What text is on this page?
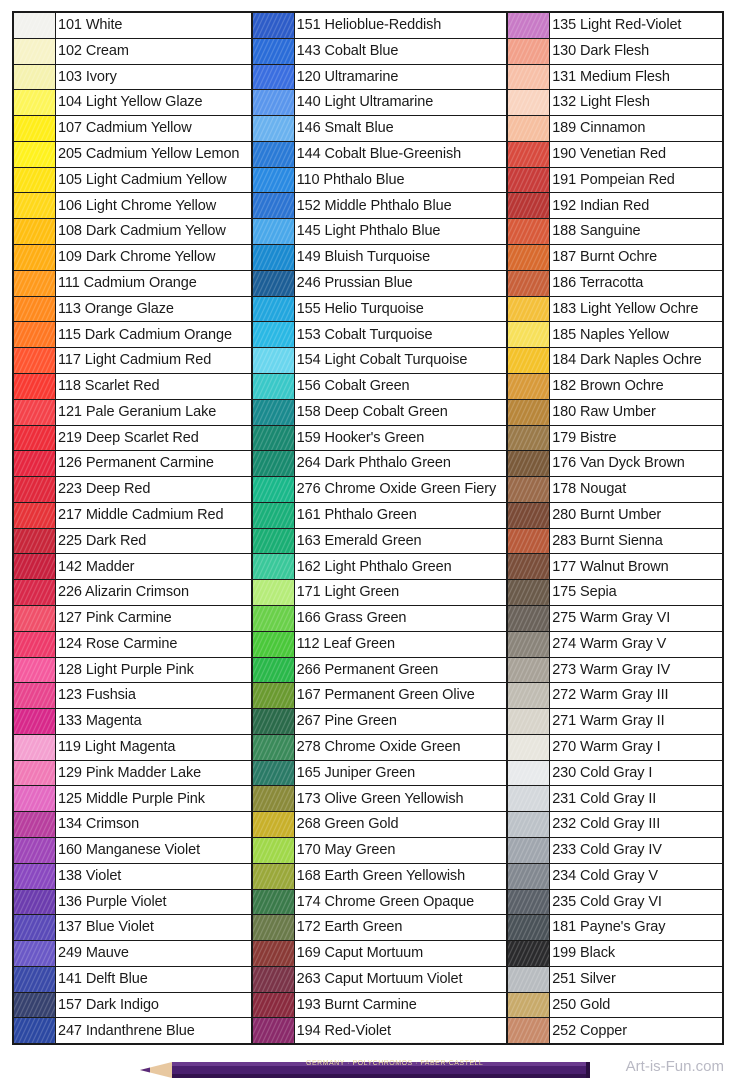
101 White
102 Cream
103 Ivory
104 Light Yellow Glaze
107 Cadmium Yellow
205 Cadmium Yellow Lemon
105 Light Cadmium Yellow
106 Light Chrome Yellow
108 Dark Cadmium Yellow
109 Dark Chrome Yellow
111 Cadmium Orange
113 Orange Glaze
115 Dark Cadmium Orange
117 Light Cadmium Red
118 Scarlet Red
121 Pale Geranium Lake
219 Deep Scarlet Red
126 Permanent Carmine
223 Deep Red
217 Middle Cadmium Red
225 Dark Red
142 Madder
226 Alizarin Crimson
127 Pink Carmine
124 Rose Carmine
128 Light Purple Pink
123 Fushsia
133 Magenta
119 Light Magenta
129 Pink Madder Lake
125 Middle Purple Pink
134 Crimson
160 Manganese Violet
138 Violet
136 Purple Violet
137 Blue Violet
249 Mauve
141 Delft Blue
157 Dark Indigo
247 Indanthrene Blue
151 Helioblue-Reddish
143 Cobalt Blue
120 Ultramarine
140 Light Ultramarine
146 Smalt Blue
144 Cobalt Blue-Greenish
110 Phthalo Blue
152 Middle Phthalo Blue
145 Light Phthalo Blue
149 Bluish Turquoise
246 Prussian Blue
155 Helio Turquoise
153 Cobalt Turquoise
154 Light Cobalt Turquoise
156 Cobalt Green
158 Deep Cobalt Green
159 Hooker's Green
264 Dark Phthalo Green
276 Chrome Oxide Green Fiery
161 Phthalo Green
163 Emerald Green
162 Light Phthalo Green
171 Light Green
166 Grass Green
112 Leaf Green
266 Permanent Green
167 Permanent Green Olive
267 Pine Green
278 Chrome Oxide Green
165 Juniper Green
173 Olive Green Yellowish
268 Green Gold
170 May Green
168 Earth Green Yellowish
174 Chrome Green Opaque
172 Earth Green
169 Caput Mortuum
263 Caput Mortuum Violet
193 Burnt Carmine
194 Red-Violet
135 Light Red-Violet
130 Dark Flesh
131 Medium Flesh
132 Light Flesh
189 Cinnamon
190 Venetian Red
191 Pompeian Red
192 Indian Red
188 Sanguine
187 Burnt Ochre
186 Terracotta
183 Light Yellow Ochre
185 Naples Yellow
184 Dark Naples Ochre
182 Brown Ochre
180 Raw Umber
179 Bistre
176 Van Dyck Brown
178 Nougat
280 Burnt Umber
283 Burnt Sienna
177 Walnut Brown
175 Sepia
275 Warm Gray VI
274 Warm Gray V
273 Warm Gray IV
272 Warm Gray III
271 Warm Gray II
270 Warm Gray I
230 Cold Gray I
231 Cold Gray II
232 Cold Gray III
233 Cold Gray IV
234 Cold Gray V
235 Cold Gray VI
181 Payne's Gray
199 Black
251 Silver
250 Gold
252 Copper
GERMANY · POLYCHROMOS · FABER-CASTELL	Art-is-Fun.com
